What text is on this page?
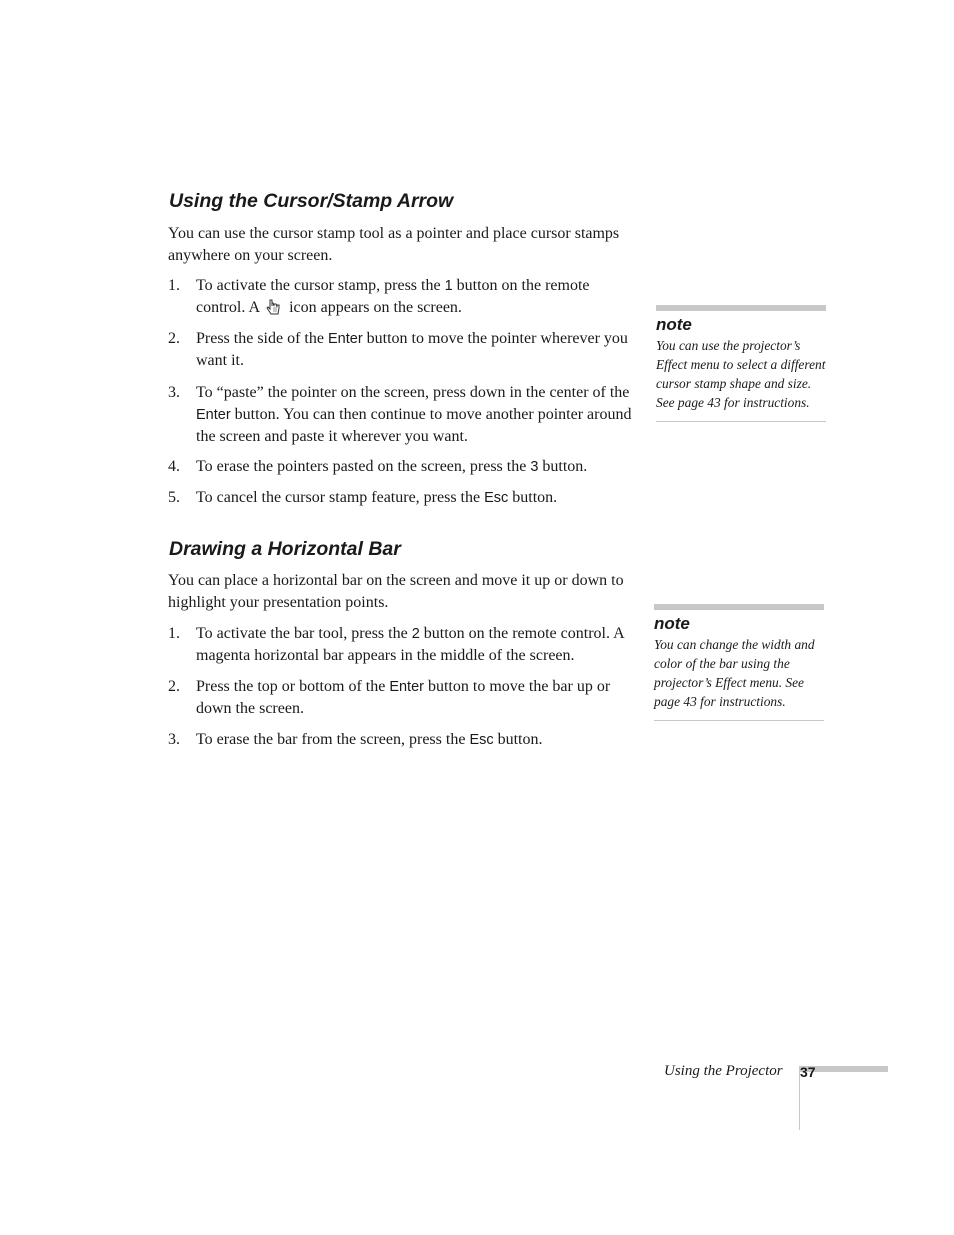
Using the Cursor/Stamp Arrow

You can use the cursor stamp tool as a pointer and place cursor stamps anywhere on your screen.

1. To activate the cursor stamp, press the 1 button on the remote control. A  icon appears on the screen.
2. Press the side of the Enter button to move the pointer wherever you want it.
3. To “paste” the pointer on the screen, press down in the center of the Enter button. You can then continue to move another pointer around the screen and paste it wherever you want.
4. To erase the pointers pasted on the screen, press the 3 button.
5. To cancel the cursor stamp feature, press the Esc button.
Drawing a Horizontal Bar

You can place a horizontal bar on the screen and move it up or down to highlight your presentation points.

1. To activate the bar tool, press the 2 button on the remote control. A magenta horizontal bar appears in the middle of the screen.
2. Press the top or bottom of the Enter button to move the bar up or down the screen.
3. To erase the bar from the screen, press the Esc button.
note
You can use the projector’s Effect menu to select a different cursor stamp shape and size. See page 43 for instructions.
note
You can change the width and color of the bar using the projector’s Effect menu. See page 43 for instructions.
Using the Projector 37
